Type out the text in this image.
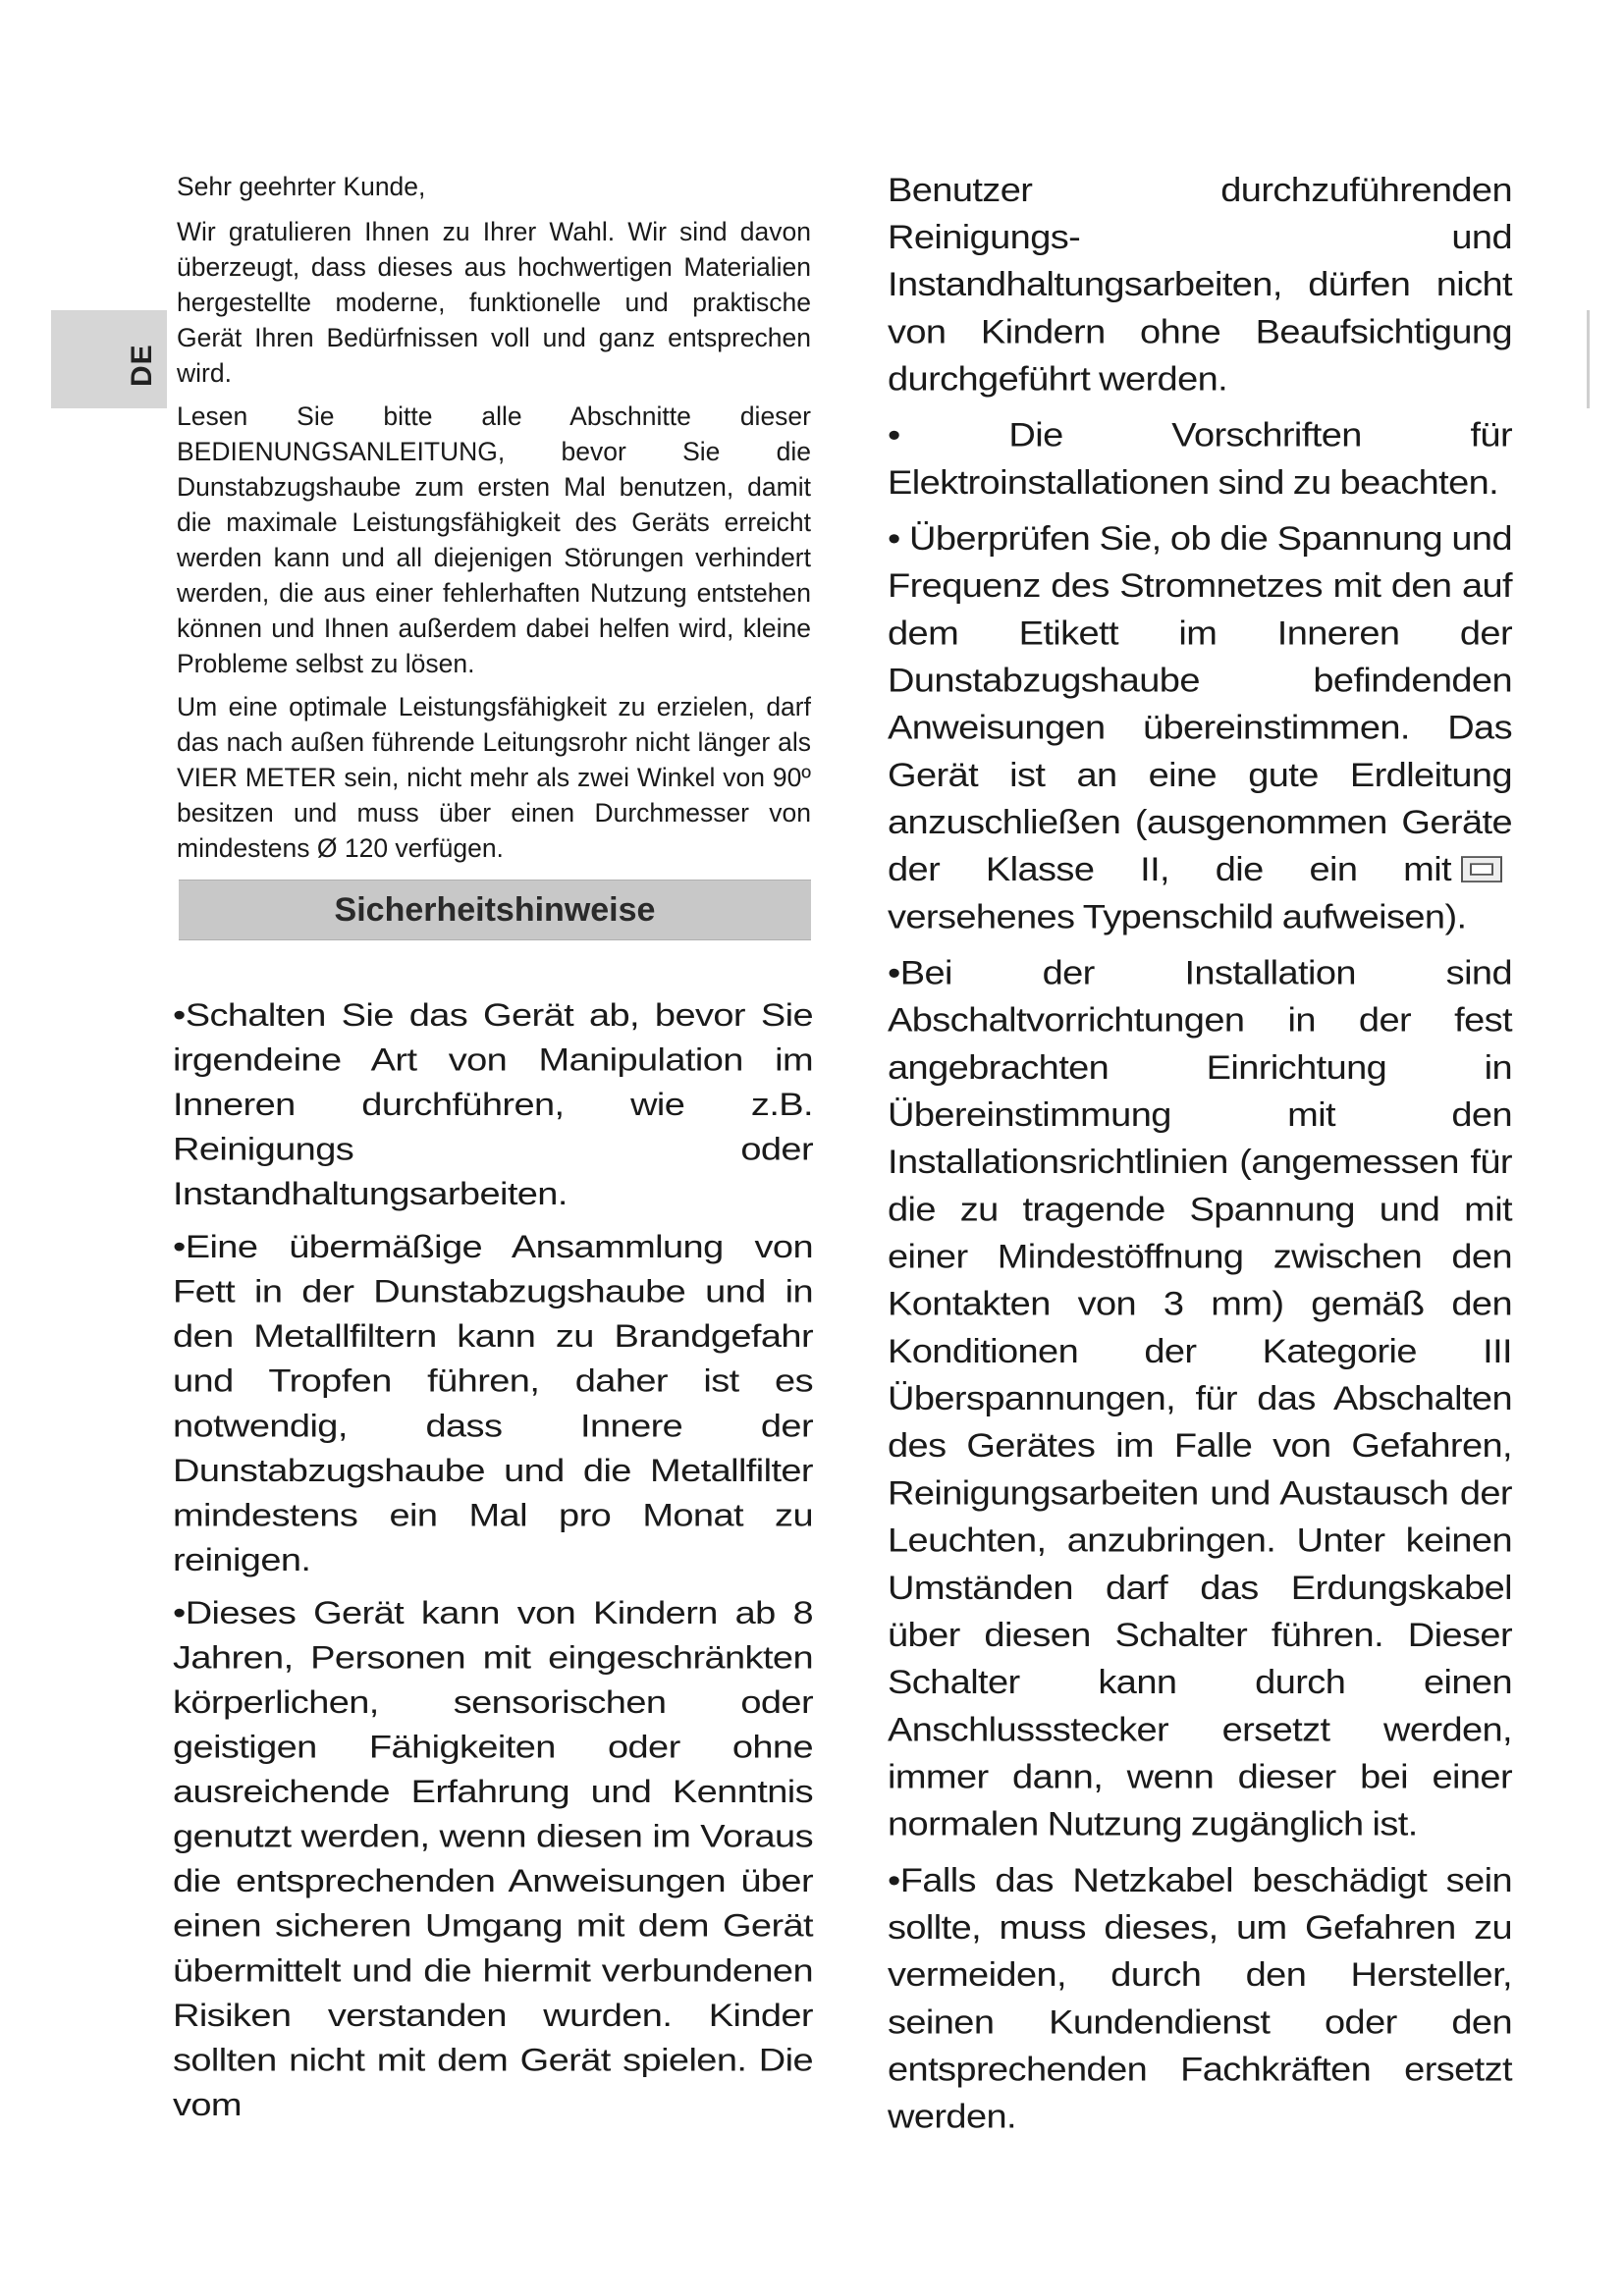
DE

Sehr geehrter Kunde,

Wir gratulieren Ihnen zu Ihrer Wahl. Wir sind davon überzeugt, dass dieses aus hochwertigen Materialien hergestellte moderne, funktionelle und praktische Gerät Ihren Bedürfnissen voll und ganz entsprechen wird.

Lesen Sie bitte alle Abschnitte dieser BEDIENUNGSANLEITUNG, bevor Sie die Dunstabzugshaube zum ersten Mal benutzen, damit die maximale Leistungsfähigkeit des Geräts erreicht werden kann und all diejenigen Störungen verhindert werden, die aus einer fehlerhaften Nutzung entstehen können und Ihnen außerdem dabei helfen wird, kleine Probleme selbst zu lösen.

Um eine optimale Leistungsfähigkeit zu erzielen, darf das nach außen führende Leitungsrohr nicht länger als VIER METER sein, nicht mehr als zwei Winkel von 90º besitzen und muss über einen Durchmesser von mindestens Ø 120 verfügen.

Sicherheitshinweise
•Schalten Sie das Gerät ab, bevor Sie irgendeine Art von Manipulation im Inneren durchführen, wie z.B. Reinigungs oder Instandhaltungsarbeiten.
•Eine übermäßige Ansammlung von Fett in der Dunstabzugshaube und in den Metallfiltern kann zu Brandgefahr und Tropfen führen, daher ist es notwendig, dass Innere der Dunstabzugshaube und die Metallfilter mindestens ein Mal pro Monat zu reinigen.
•Dieses Gerät kann von Kindern ab 8 Jahren, Personen mit eingeschränkten körperlichen, sensorischen oder geistigen Fähigkeiten oder ohne ausreichende Erfahrung und Kenntnis genutzt werden, wenn diesen im Voraus die entsprechenden Anweisungen über einen sicheren Umgang mit dem Gerät übermittelt und die hiermit verbundenen Risiken verstanden wurden. Kinder sollten nicht mit dem Gerät spielen. Die vom
Benutzer durchzuführenden Reinigungs- und Instandhaltungsarbeiten, dürfen nicht von Kindern ohne Beaufsichtigung durchgeführt werden.
• Die Vorschriften für Elektroinstallationen sind zu beachten.
• Überprüfen Sie, ob die Spannung und Frequenz des Stromnetzes mit den auf dem Etikett im Inneren der Dunstabzugshaube befindenden Anweisungen übereinstimmen. Das Gerät ist an eine gute Erdleitung anzuschließen (ausgenommen Geräte der Klasse II, die ein mitversehenes Typenschild aufweisen).
•Bei der Installation sind Abschaltvorrichtungen in der fest angebrachten Einrichtung in Übereinstimmung mit den Installationsrichtlinien (angemessen für die zu tragende Spannung und mit einer Mindestöffnung zwischen den Kontakten von 3 mm) gemäß den Konditionen der Kategorie III Überspannungen, für das Abschalten des Gerätes im Falle von Gefahren, Reinigungsarbeiten und Austausch der Leuchten, anzubringen. Unter keinen Umständen darf das Erdungskabel über diesen Schalter führen. Dieser Schalter kann durch einen Anschlussstecker ersetzt werden, immer dann, wenn dieser bei einer normalen Nutzung zugänglich ist.
•Falls das Netzkabel beschädigt sein sollte, muss dieses, um Gefahren zu vermeiden, durch den Hersteller, seinen Kundendienst oder den entsprechenden Fachkräften ersetzt werden.
